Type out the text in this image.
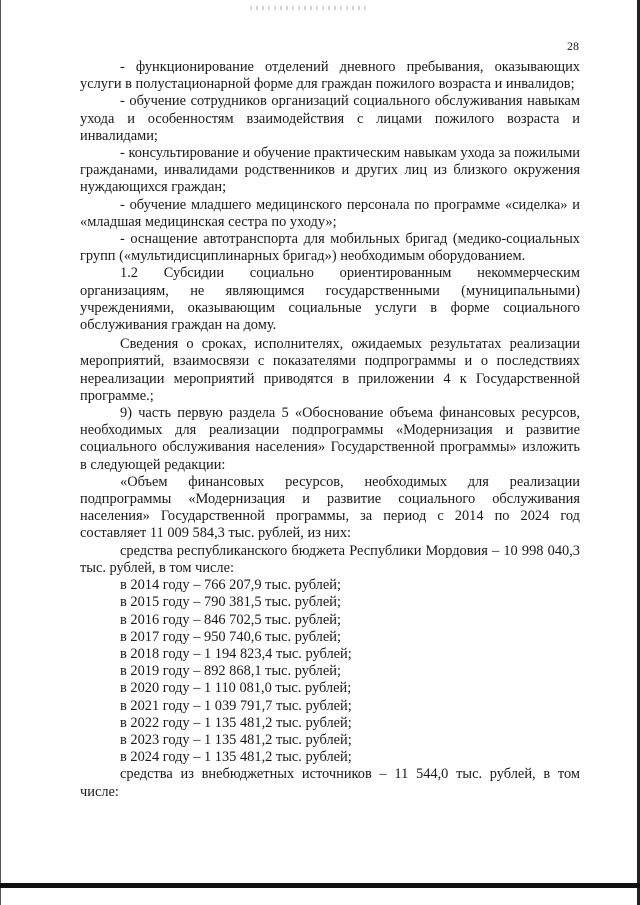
28

- функционирование отделений дневного пребывания, оказывающих услуги в полустационарной форме для граждан пожилого возраста и инвалидов;

- обучение сотрудников организаций социального обслуживания навыкам ухода и особенностям взаимодействия с лицами пожилого возраста и инвалидами;

- консультирование и обучение практическим навыкам ухода за пожилыми гражданами, инвалидами родственников и других лиц из близкого окружения нуждающихся граждан;

- обучение младшего медицинского персонала по программе «сиделка» и «младшая медицинская сестра по уходу»;

- оснащение автотранспорта для мобильных бригад (медико-социальных групп («мультидисциплинарных бригад») необходимым оборудованием.

1.2 Субсидии социально ориентированным некоммерческим организациям, не являющимся государственными (муниципальными) учреждениями, оказывающим социальные услуги в форме социального обслуживания граждан на дому.

Сведения о сроках, исполнителях, ожидаемых результатах реализации мероприятий, взаимосвязи с показателями подпрограммы и о последствиях нереализации мероприятий приводятся в приложении 4 к Государственной программе.;

9) часть первую раздела 5 «Обоснование объема финансовых ресурсов, необходимых для реализации подпрограммы «Модернизация и развитие социального обслуживания населения» Государственной программы» изложить в следующей редакции:

«Объем финансовых ресурсов, необходимых для реализации подпрограммы «Модернизация и развитие социального обслуживания населения» Государственной программы, за период с 2014 по 2024 год составляет 11 009 584,3 тыс. рублей, из них:

средства республиканского бюджета Республики Мордовия – 10 998 040,3 тыс. рублей, в том числе:

в 2014 году – 766 207,9 тыс. рублей;

в 2015 году – 790 381,5 тыс. рублей;

в 2016 году – 846 702,5 тыс. рублей;

в 2017 году – 950 740,6 тыс. рублей;

в 2018 году – 1 194 823,4 тыс. рублей;

в 2019 году – 892 868,1 тыс. рублей;

в 2020 году – 1 110 081,0 тыс. рублей;

в 2021 году – 1 039 791,7 тыс. рублей;

в 2022 году – 1 135 481,2 тыс. рублей;

в 2023 году – 1 135 481,2 тыс. рублей;

в 2024 году – 1 135 481,2 тыс. рублей;

средства из внебюджетных источников – 11 544,0 тыс. рублей, в том числе:
